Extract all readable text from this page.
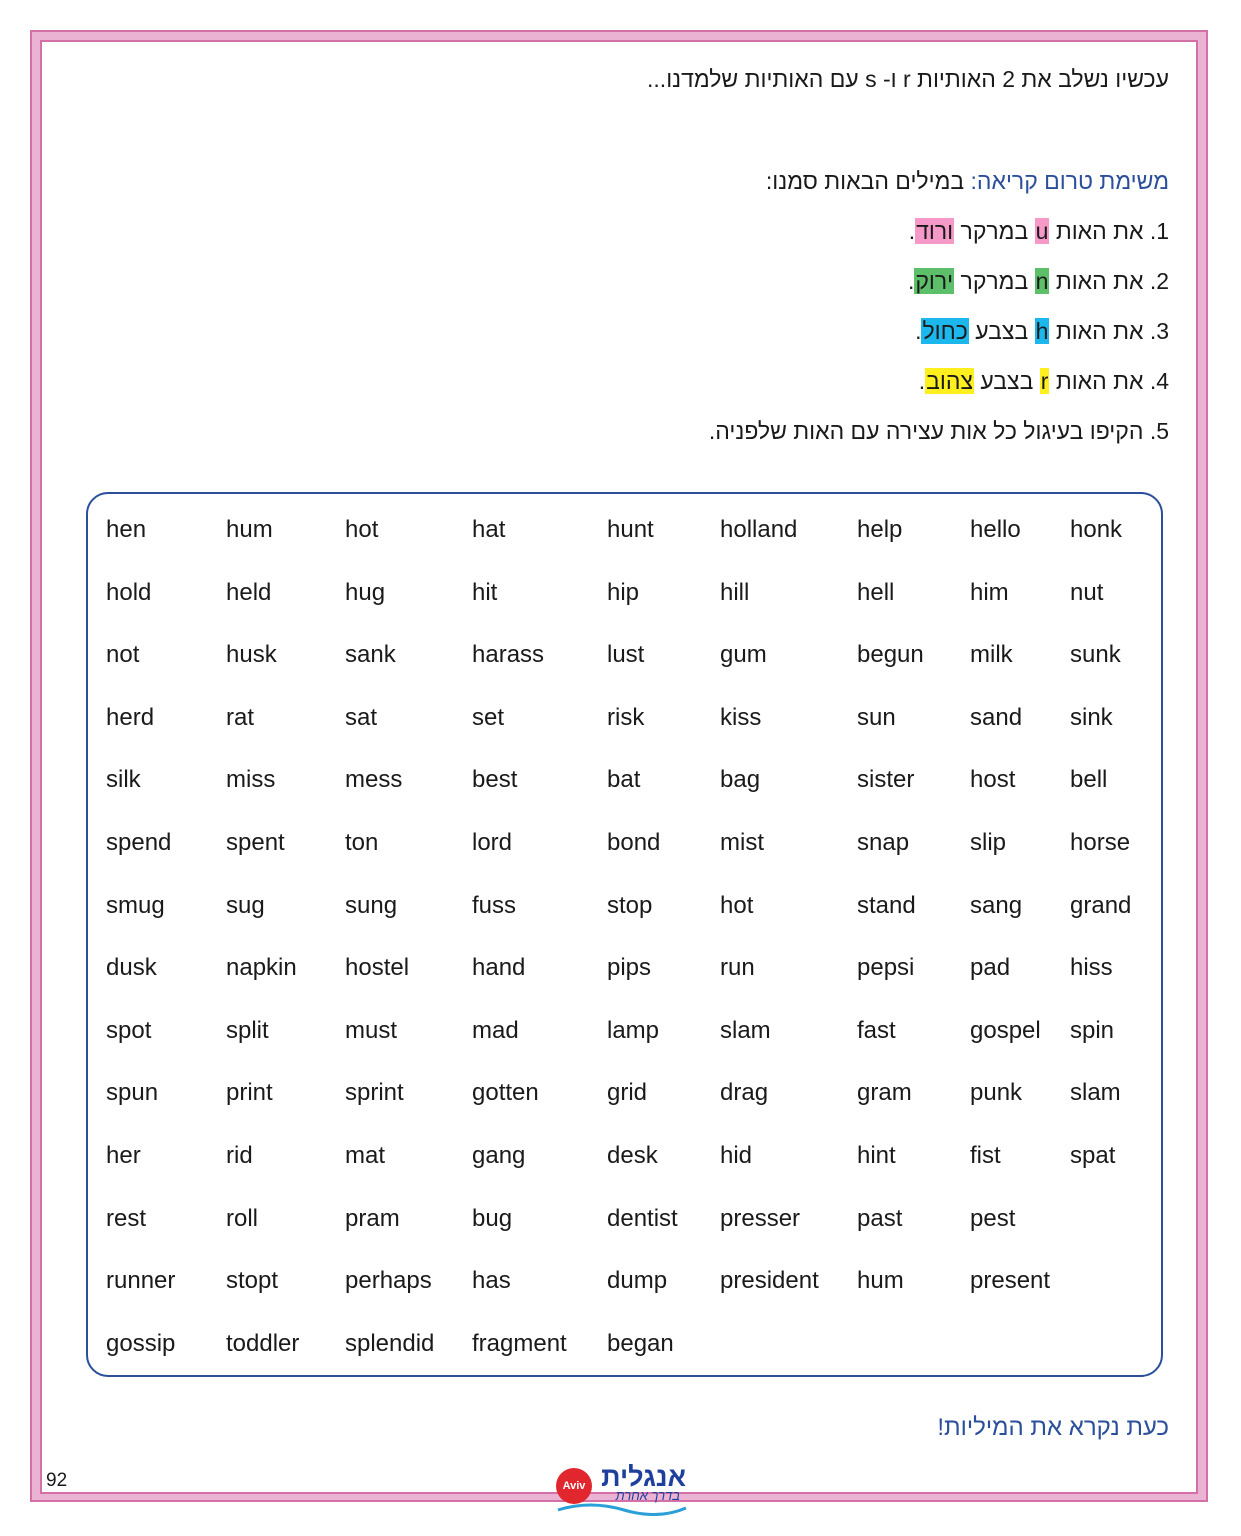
עכשיו נשלב את 2 האותיות r ו- s עם האותיות שלמדנו...
משימת טרום קריאה: במילים הבאות סמנו:
1. את האות u במרקר ורוד.
2. את האות n במרקר ירוק.
3. את האות h בצבע כחול.
4. את האות r בצבע צהוב.
5. הקיפו בעיגול כל אות עצירה עם האות שלפניה.
hen	hum	hot	hat	hunt	holland help	hello honk
hold	held	hug	hit	hip	hill	hell	him	nut
not	husk	sank	harass	lust	gum	begun milk sunk
herd	rat	sat	set	risk	kiss	sun	sand sink
silk	miss	mess	best	bat	bag	sister host bell
spend spent	ton	lord	bond mist	snap	slip	horse
smug	sug	sung	fuss	stop	hot	stand sang grand
dusk	napkin hostel	hand	pips	run	pepsi pad hiss
spot	split	must	mad	lamp	slam	fast	gospel spin
spun	print	sprint	gotten	grid	drag	gram punk slam
her	rid	mat	gang	desk	hid	hint	fist	spat
rest	roll	pram	bug	dentist presser past	pest
runner stopt	perhaps has	dump president hum	present
gossip toddler splendid fragment began
כעת נקרא את המיליות!
92	Aviv אנגלית
בדרך אחרת
